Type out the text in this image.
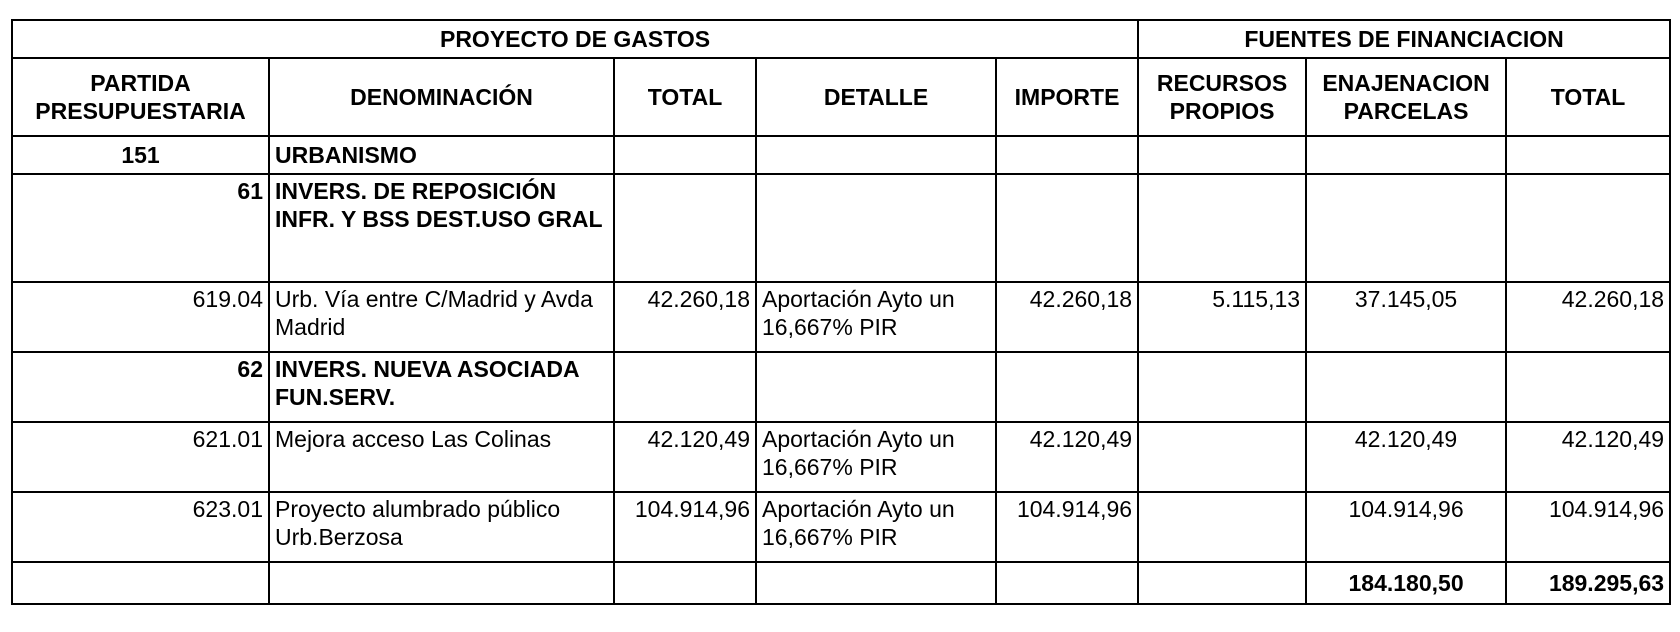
PROYECTO DE GASTOS					FUENTES DE FINANCIACION		
PARTIDA PRESUPUESTARIA	DENOMINACIÓN	TOTAL	DETALLE	IMPORTE	RECURSOS PROPIOS	ENAJENACION PARCELAS	TOTAL
151	URBANISMO						
61	INVERS. DE REPOSICIÓN INFR. Y BSS DEST.USO GRAL						
619.04	Urb. Vía entre C/Madrid y Avda Madrid	42.260,18	Aportación Ayto un 16,667% PIR	42.260,18	5.115,13	37.145,05	42.260,18
62	INVERS. NUEVA ASOCIADA FUN.SERV.						
621.01	Mejora acceso Las Colinas	42.120,49	Aportación Ayto un 16,667% PIR	42.120,49		42.120,49	42.120,49
623.01	Proyecto alumbrado público Urb.Berzosa	104.914,96	Aportación Ayto un 16,667% PIR	104.914,96		104.914,96	104.914,96
						184.180,50	189.295,63
